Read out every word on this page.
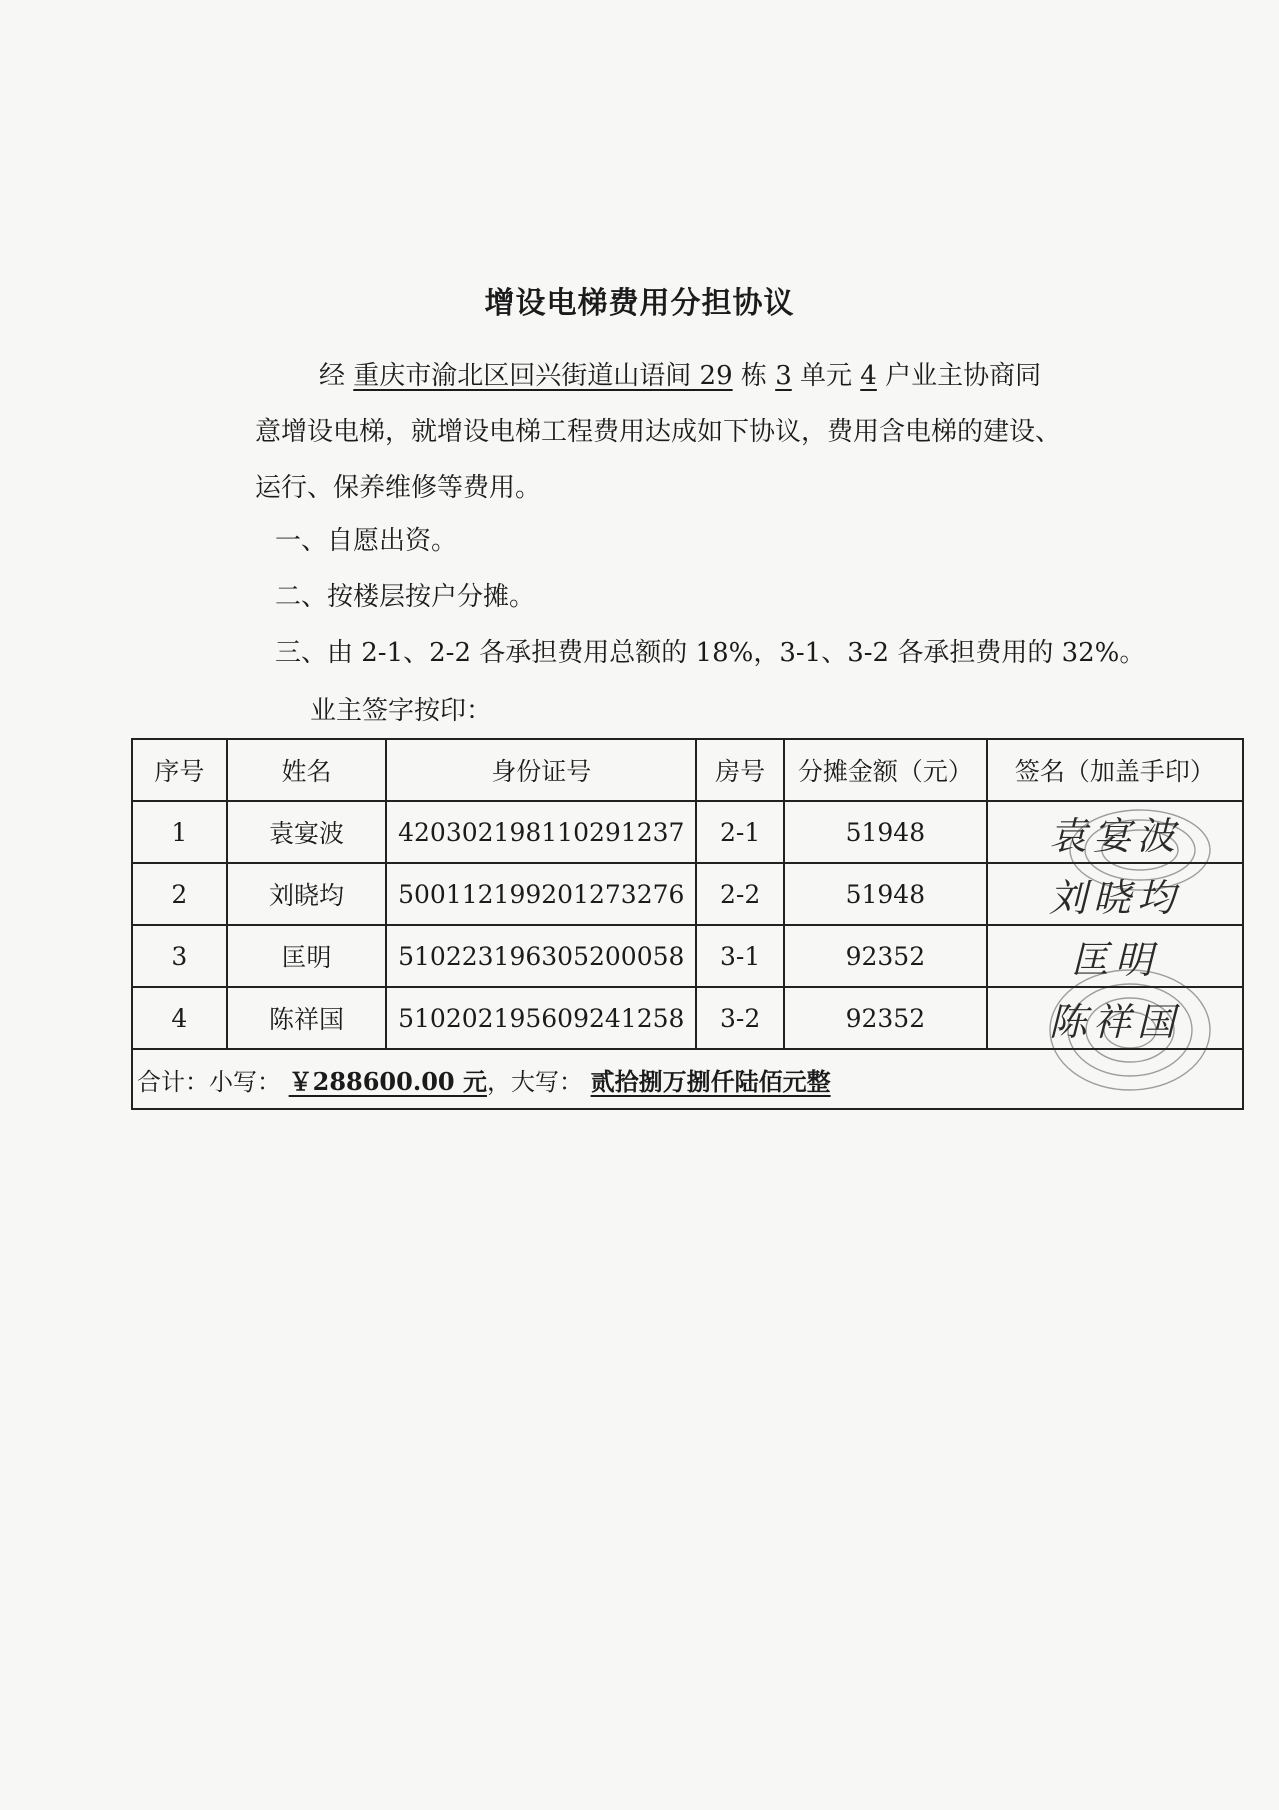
增设电梯费用分担协议
经 重庆市渝北区回兴街道山语间 29 栋 3 单元 4 户业主协商同
意增设电梯，就增设电梯工程费用达成如下协议，费用含电梯的建设、
运行、保养维修等费用。
一、自愿出资。
二、按楼层按户分摊。
三、由 2-1、2-2 各承担费用总额的 18%，3-1、3-2 各承担费用的 32%。
业主签字按印：
序号	姓名	身份证号	房号	分摊金额（元）	签名（加盖手印）
1	袁宴波	420302198110291237	2-1	51948	袁宴波
2	刘晓均	500112199201273276	2-2	51948	刘晓均
3	匡明	510223196305200058	3-1	92352	匡明
4	陈祥国	510202195609241258	3-2	92352	陈祥国
合计：小写： ￥288600.00 元，大写： 贰拾捌万捌仟陆佰元整					
